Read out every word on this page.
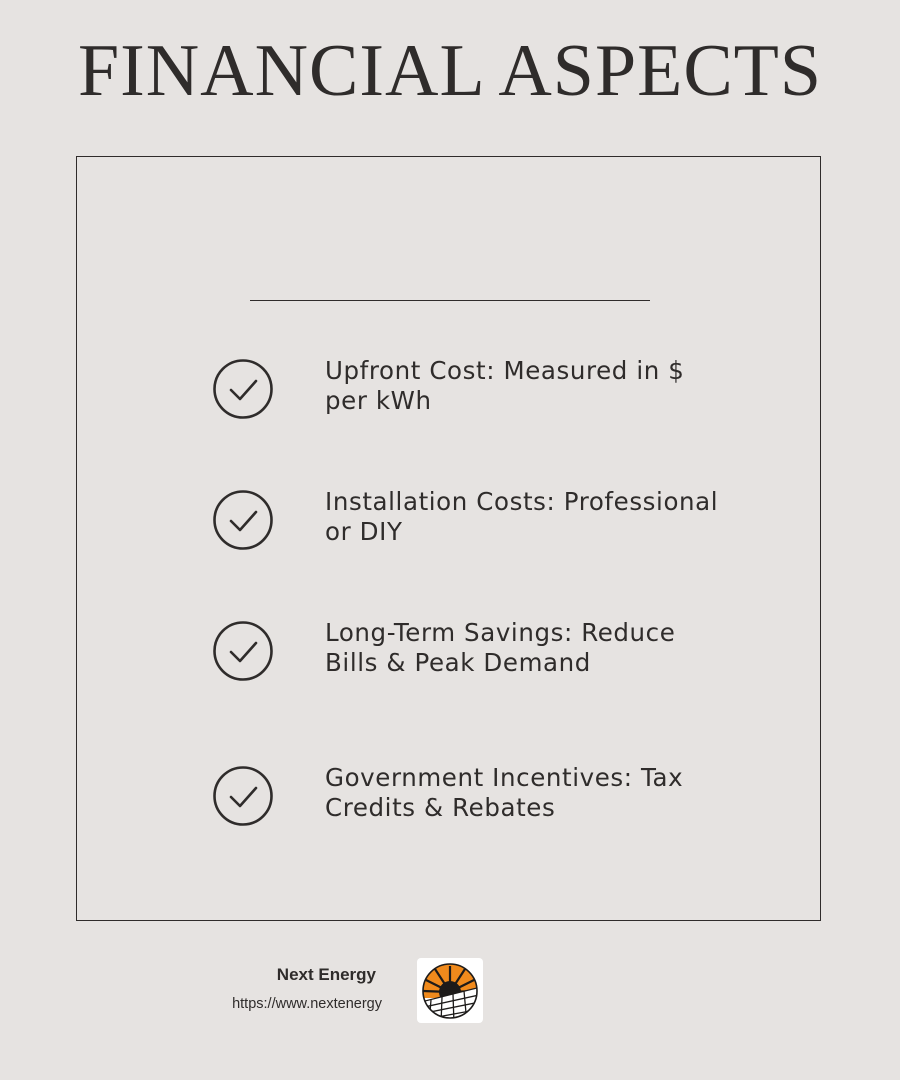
FINANCIAL ASPECTS
Upfront Cost: Measured in $ per kWh
Installation Costs: Professional or DIY
Long-Term Savings: Reduce Bills & Peak Demand
Government Incentives: Tax Credits & Rebates
Next Energy
https://www.nextenergy
